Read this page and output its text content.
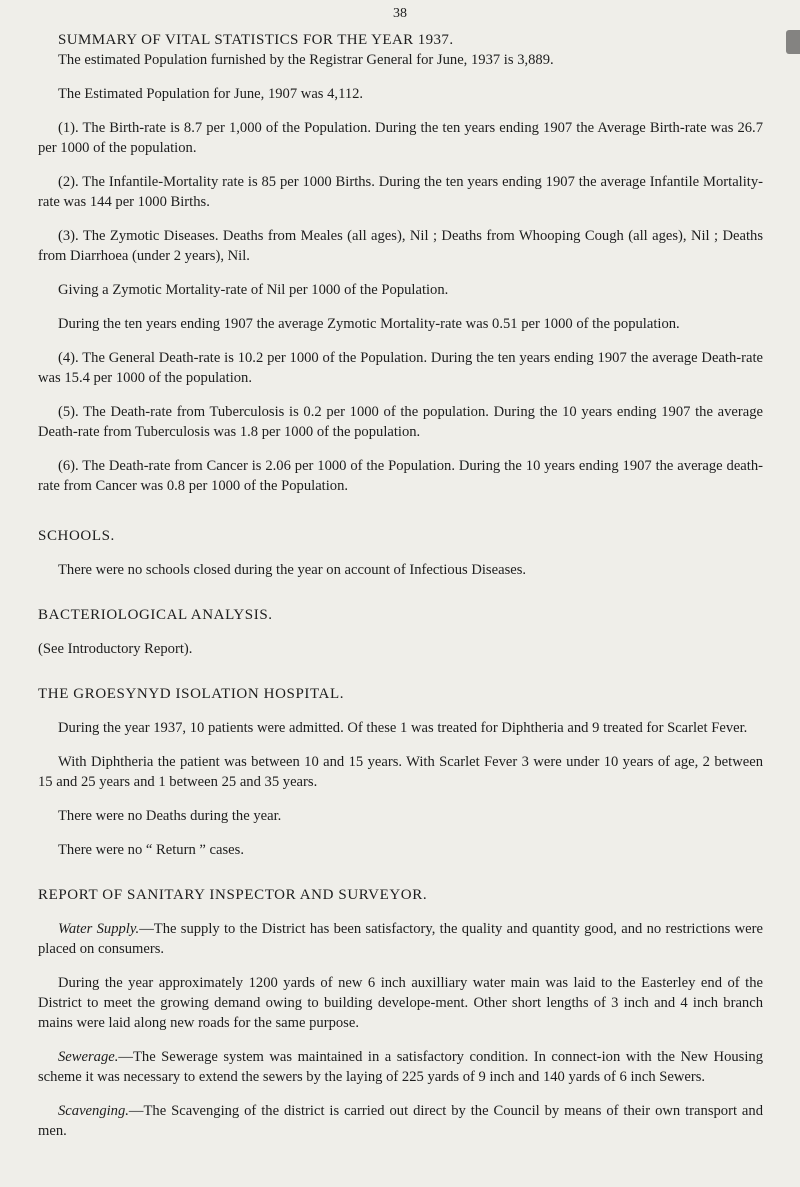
38

SUMMARY OF VITAL STATISTICS FOR THE YEAR 1937.

The estimated Population furnished by the Registrar General for June, 1937 is 3,889.

The Estimated Population for June, 1907 was 4,112.

(1). The Birth-rate is 8.7 per 1,000 of the Population. During the ten years ending 1907 the Average Birth-rate was 26.7 per 1000 of the population.

(2). The Infantile-Mortality rate is 85 per 1000 Births. During the ten years ending 1907 the average Infantile Mortality-rate was 144 per 1000 Births.

(3). The Zymotic Diseases. Deaths from Meales (all ages), Nil ; Deaths from Whooping Cough (all ages), Nil ; Deaths from Diarrhoea (under 2 years), Nil.

Giving a Zymotic Mortality-rate of Nil per 1000 of the Population.

During the ten years ending 1907 the average Zymotic Mortality-rate was 0.51 per 1000 of the population.

(4). The General Death-rate is 10.2 per 1000 of the Population. During the ten years ending 1907 the average Death-rate was 15.4 per 1000 of the population.

(5). The Death-rate from Tuberculosis is 0.2 per 1000 of the population. During the 10 years ending 1907 the average Death-rate from Tuberculosis was 1.8 per 1000 of the population.

(6). The Death-rate from Cancer is 2.06 per 1000 of the Population. During the 10 years ending 1907 the average death-rate from Cancer was 0.8 per 1000 of the Population.

SCHOOLS.

There were no schools closed during the year on account of Infectious Diseases.

BACTERIOLOGICAL ANALYSIS.

(See Introductory Report).

THE GROESYNYD ISOLATION HOSPITAL.

During the year 1937, 10 patients were admitted. Of these 1 was treated for Diphtheria and 9 treated for Scarlet Fever.

With Diphtheria the patient was between 10 and 15 years. With Scarlet Fever 3 were under 10 years of age, 2 between 15 and 25 years and 1 between 25 and 35 years.

There were no Deaths during the year.

There were no “ Return ” cases.

REPORT OF SANITARY INSPECTOR AND SURVEYOR.

Water Supply.—The supply to the District has been satisfactory, the quality and quantity good, and no restrictions were placed on consumers.

During the year approximately 1200 yards of new 6 inch auxilliary water main was laid to the Easterley end of the District to meet the growing demand owing to building develope-ment. Other short lengths of 3 inch and 4 inch branch mains were laid along new roads for the same purpose.

Sewerage.—The Sewerage system was maintained in a satisfactory condition. In connect-ion with the New Housing scheme it was necessary to extend the sewers by the laying of 225 yards of 9 inch and 140 yards of 6 inch Sewers.

Scavenging.—The Scavenging of the district is carried out direct by the Council by means of their own transport and men.
